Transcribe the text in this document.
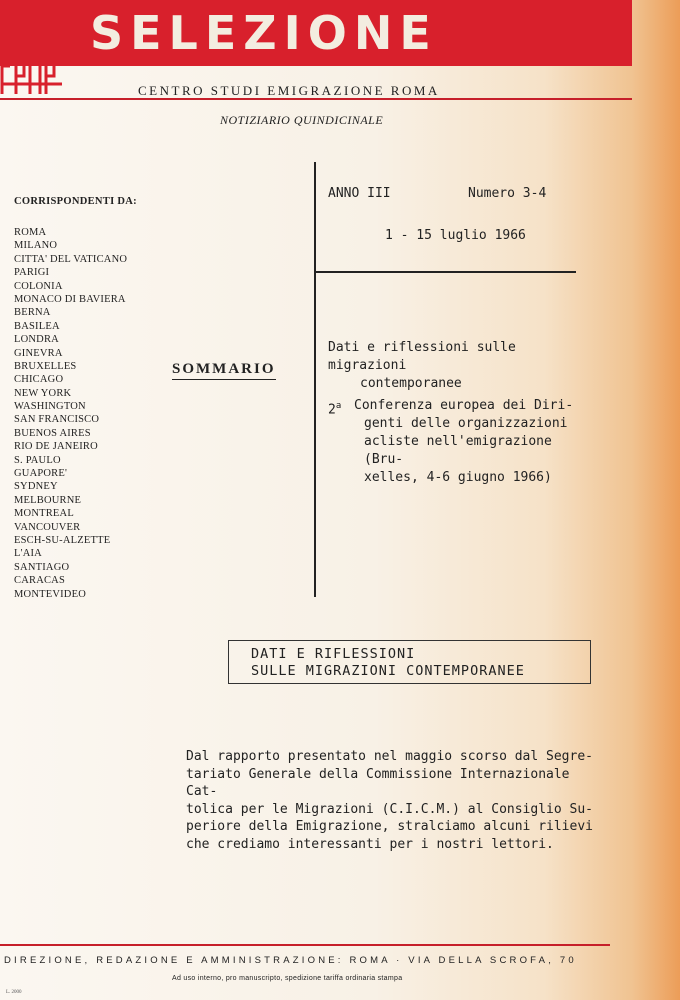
SELEZIONE
CENTRO STUDI EMIGRAZIONE ROMA
NOTIZIARIO QUINDICINALE
CORRISPONDENTI DA:
ROMA
MILANO
CITTA' DEL VATICANO
PARIGI
COLONIA
MONACO DI BAVIERA
BERNA
BASILEA
LONDRA
GINEVRA
BRUXELLES
CHICAGO
NEW YORK
WASHINGTON
SAN FRANCISCO
BUENOS AIRES
RIO DE JANEIRO
S. PAULO
GUAPORE'
SYDNEY
MELBOURNE
MONTREAL
VANCOUVER
ESCH-SU-ALZETTE
L'AIA
SANTIAGO
CARACAS
MONTEVIDEO
SOMMARIO
ANNO III	Numero 3-4
1 - 15 luglio 1966
Dati e riflessioni sulle migrazioni
contemporanee
2$^a$ Conferenza europea dei Diri-
genti delle organizzazioni
acliste nell'emigrazione (Bru-
xelles, 4-6 giugno 1966)
DATI E RIFLESSIONI
SULLE MIGRAZIONI CONTEMPORANEE
Dal rapporto presentato nel maggio scorso dal Segre-
tariato Generale della Commissione Internazionale Cat-
tolica per le Migrazioni (C.I.C.M.) al Consiglio Su-
periore della Emigrazione, stralciamo alcuni rilievi
che crediamo interessanti per i nostri lettori.
DIREZIONE, REDAZIONE E AMMINISTRAZIONE: ROMA · VIA DELLA SCROFA, 70
Ad uso interno, pro manuscripto, spedizione tariffa ordinaria stampa
L. 2000
